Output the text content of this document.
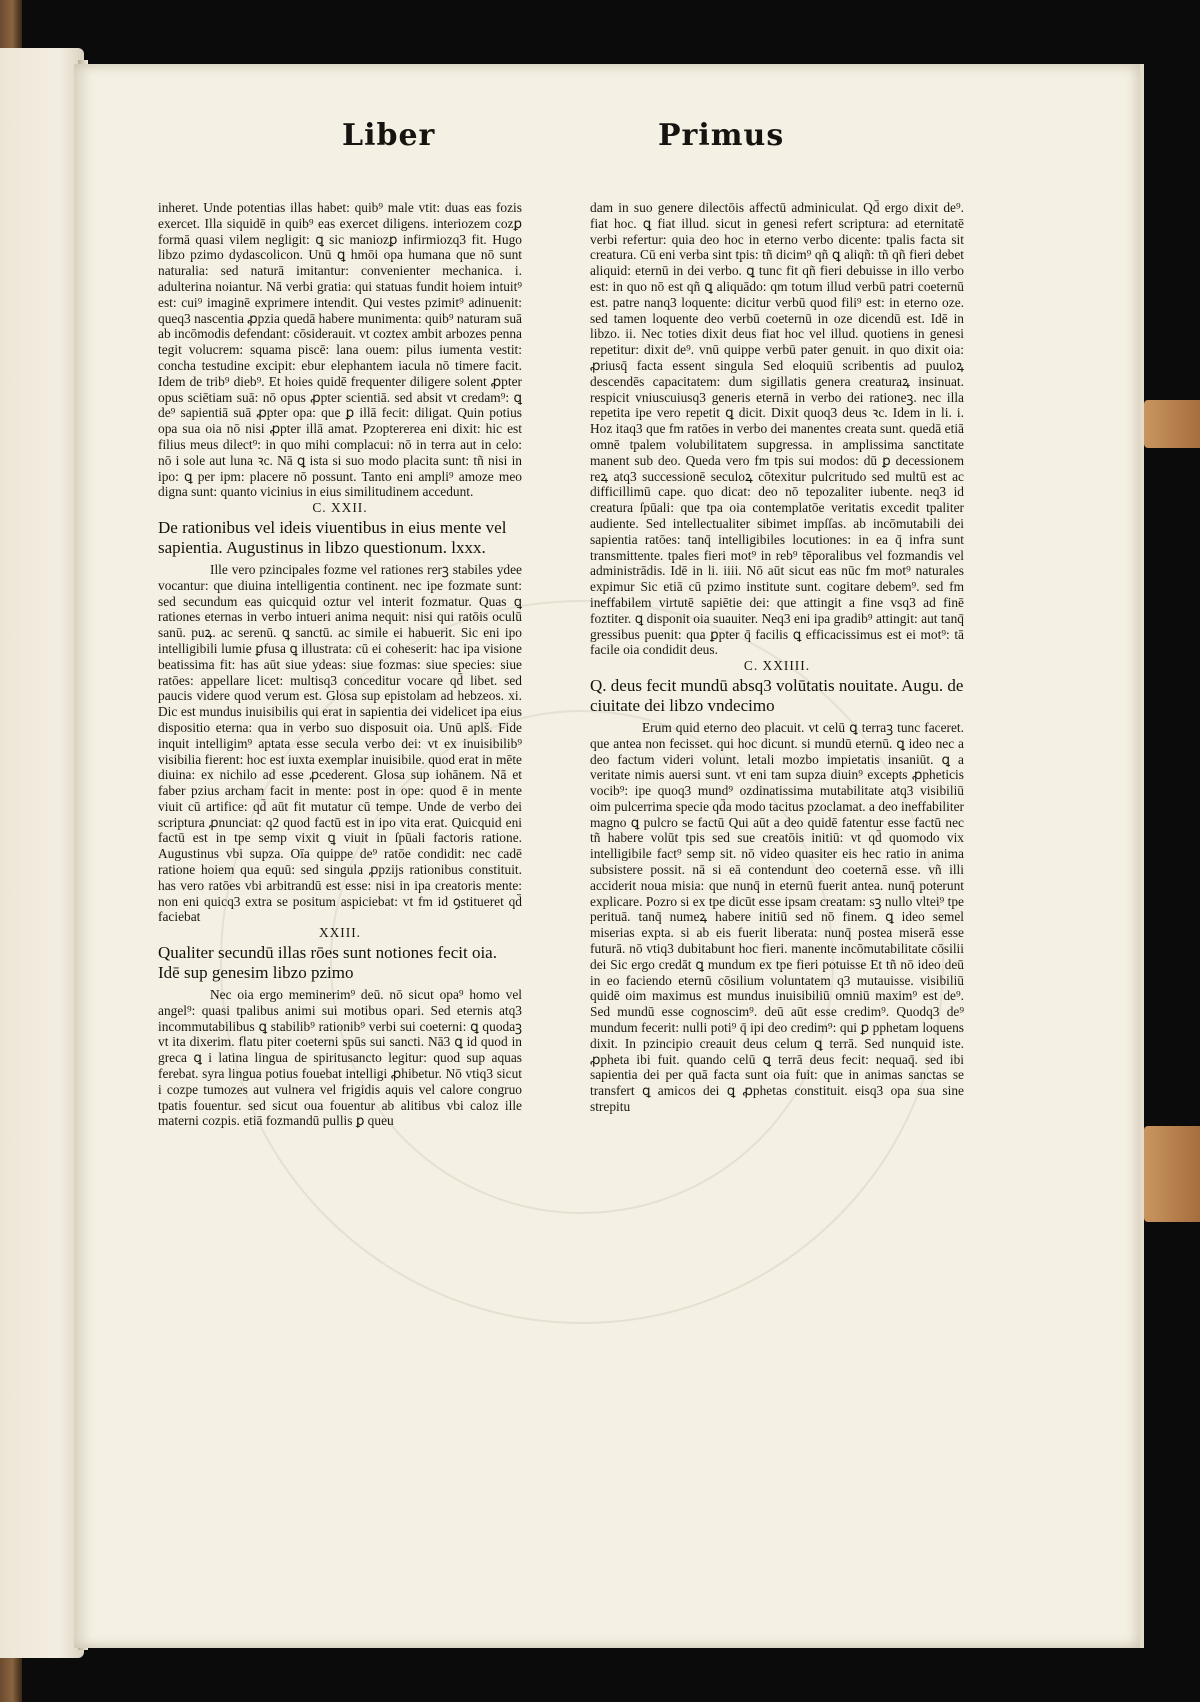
Liber	Primus

inheret. Unde potentias illas habet: quib⁹ male vtit: duas eas fozis exercet. Illa siquidē in quib⁹ eas exercet diligens. interiozem cozꝑ formā quasi vilem negligit: ꝗ sic maniozꝑ infirmiozq3 fit. Hugo libzo pzimo dydascolicon. Unū ꝗ hmōi opa humana que nō sunt naturalia: sed naturā imitantur: convenienter mechanica. i. adulterina noiantur. Nā verbi gratia: qui statuas fundit hoiem intuit⁹ est: cui⁹ imaginē exprimere intendit. Qui vestes pzimit⁹ adinuenit: queq3 nascentia ꝓpzia quedā habere munimenta: quib⁹ naturam suā ab incōmodis defendant: cōsiderauit. vt coztex ambit arbozes penna tegit volucrem: squama piscē: lana ouem: pilus iumenta vestit: concha testudine excipit: ebur elephantem iacula nō timere facit. Idem de trib⁹ dieb⁹. Et hoies quidē frequenter diligere solent ꝓpter opus sciētiam suā: nō opus ꝓpter scientiā. sed absit vt credam⁹: ꝗ de⁹ sapientiā suā ꝓpter opa: que ꝑ illā fecit: diligat. Quin potius opa sua oia nō nisi ꝓpter illā amat. Pzoptererea eni dixit: hic est filius meus dilect⁹: in quo mihi complacui: nō in terra aut in celo: nō i sole aut luna ꝛc. Nā ꝗ ista si suo modo placita sunt: tñ nisi in ipo: ꝗ per ipm: placere nō possunt. Tanto eni ampli⁹ amoze meo digna sunt: quanto vicinius in eius similitudinem accedunt.

C. XXII.
De rationibus vel ideis viuentibus in eius mente vel sapientia. Augustinus in libzo questionum. lxxx.

Ille vero pzincipales fozme vel rationes rerꝫ stabiles ydee vocantur: que diuina intelligentia continent. nec ipe fozmate sunt: sed secundum eas quicquid oztur vel interit fozmatur. Quas ꝗ rationes eternas in verbo intueri anima nequit: nisi qui ratōis oculū sanū. puꝝ. ac serenū. ꝗ sanctū. ac simile ei habuerit. Sic eni ipo intelligibili lumie ꝑfusa ꝗ illustrata: cū ei coheserit: hac ipa visione beatissima fit: has aūt siue ydeas: siue fozmas: siue species: siue ratōes: appellare licet: multisq3 conceditur vocare qd̄ libet. sed paucis videre quod verum est. Glosa sup epistolam ad hebzeos. xi. Dic est mundus inuisibilis qui erat in sapientia dei videlicet ipa eius dispositio eterna: qua in verbo suo disposuit oia. Unū aplš. Fide inquit intelligim⁹ aptata esse secula verbo dei: vt ex inuisibilib⁹ visibilia fierent: hoc est iuxta exemplar inuisibile. quod erat in mēte diuina: ex nichilo ad esse ꝓcederent. Glosa sup iohānem. Nā et faber pzius archam facit in mente: post in ope: quod ē in mente viuit cū artifice: qd̄ aūt fit mutatur cū tempe. Unde de verbo dei scriptura ꝓnunciat: q2 quod factū est in ipo vita erat. Quicquid eni factū est in tpe semp vixit ꝗ viuit in ſpūali factoris ratione. Augustinus vbi supza. Oīa quippe de⁹ ratōe condidit: nec cadē ratione hoiem qua equū: sed singula ꝓpzijs rationibus constituit. has vero ratōes vbi arbitrandū est esse: nisi in ipa creatoris mente: non eni quicq3 extra se positum aspiciebat: vt fm id ꝯstitueret qd̄ faciebat

XXIII.
Qualiter secundū illas rōes sunt notiones fecit oia. Idē sup genesim libzo pzimo

Nec oia ergo meminerim⁹ deū. nō sicut opa⁹ homo vel angel⁹: quasi tpalibus animi sui motibus opari. Sed eternis atq3 incommutabilibus ꝗ stabilib⁹ rationib⁹ verbi sui coeterni: ꝗ quodaꝫ vt ita dixerim. flatu piter coeterni spūs sui sancti. Nā3 ꝗ id quod in greca ꝗ i latina lingua de spiritusancto legitur: quod sup aquas ferebat. syra lingua potius fouebat intelligi ꝓhibetur. Nō vtiq3 sicut i cozpe tumozes aut vulnera vel frigidis aquis vel calore congruo tpatis fouentur. sed sicut oua fouentur ab alitibus vbi caloz ille materni cozpis. etiā fozmandū pullis ꝑ queu

dam in suo genere dilectōis affectū adminiculat. Qd̄ ergo dixit de⁹. fiat hoc. ꝗ fiat illud. sicut in genesi refert scriptura: ad eternitatē verbi refertur: quia deo hoc in eterno verbo dicente: tpalis facta sit creatura. Cū eni verba sint tpis: tñ dicim⁹ qñ ꝗ aliqñ: tñ qñ fieri debet aliquid: eternū in dei verbo. ꝗ tunc fit qñ fieri debuisse in illo verbo est: in quo nō est qñ ꝗ aliquādo: qm totum illud verbū patri coeternū est. patre nanq3 loquente: dicitur verbū quod fili⁹ est: in eterno oze. sed tamen loquente deo verbū coeternū in oze dicendū est. Idē in libzo. ii. Nec toties dixit deus fiat hoc vel illud. quotiens in genesi repetitur: dixit de⁹. vnū quippe verbū pater genuit. in quo dixit oia: ꝓriusq̄ facta essent singula Sed eloquiū scribentis ad puuloꝝ descendēs capacitatem: dum sigillatis genera creaturaꝝ insinuat. respicit vniuscuiusq3 generis eternā in verbo dei rationeꝫ. nec illa repetita ipe vero repetit ꝗ dicit. Dixit quoq3 deus ꝛc. Idem in li. i. Hoz itaq3 que fm ratōes in verbo dei manentes creata sunt. quedā etiā omnē tpalem volubilitatem supgressa. in amplissima sanctitate manent sub deo. Queda vero fm tpis sui modos: dū ꝑ decessionem reꝝ atq3 successionē seculoꝝ cōtexitur pulcritudo sed multū est ac difficillimū cape. quo dicat: deo nō tepozaliter iubente. neq3 id creatura ſpūali: que tpa oia contemplatōe veritatis excedit tpaliter audiente. Sed intellectualiter sibimet impſſas. ab incōmutabili dei sapientia ratōes: tanq̄ intelligibiles locutiones: in ea q̄ infra sunt transmittente. tpales fieri mot⁹ in reb⁹ tēporalibus vel fozmandis vel administrādis. Idē in li. iiii. Nō aūt sicut eas nūc fm mot⁹ naturales expimur Sic etiā cū pzimo institute sunt. cogitare debem⁹. sed fm ineffabilem virtutē sapiētie dei: que attingit a fine vsq3 ad finē foztiter. ꝗ disponit oia suauiter. Neq3 eni ipa gradib⁹ attingit: aut tanq̄ gressibus puenit: qua ꝑpter q̄ facilis ꝗ efficacissimus est ei mot⁹: tā facile oia condidit deus.

C. XXIIII.
Q. deus fecit mundū absq3 volūtatis nouitate. Augu. de ciuitate dei libzo vndecimo

Erum quid eterno deo placuit. vt celū ꝗ terraꝫ tunc faceret. que antea non fecisset. qui hoc dicunt. si mundū eternū. ꝗ ideo nec a deo factum videri volunt. letali mozbo impietatis insaniūt. ꝗ a veritate nimis auersi sunt. vt eni tam supza diuin⁹ excepts ꝓpheticis vocib⁹: ipe quoq3 mund⁹ ozdinatissima mutabilitate atq3 visibiliū oim pulcerrima specie qd̄a modo tacitus pzoclamat. a deo ineffabiliter magno ꝗ pulcro se factū Qui aūt a deo quidē fatentur esse factū nec tñ habere volūt tpis sed sue creatōis initiū: vt qd̄ quomodo vix intelligibile fact⁹ semp sit. nō video quasiter eis hec ratio in anima subsistere possit. nā si eā contendunt deo coeternā esse. vñ illi acciderit noua misia: que nunq̄ in eternū fuerit antea. nunq̄ poterunt explicare. Pozro si ex tpe dicūt esse ipsam creatam: sꝫ nullo vltei⁹ tpe perituā. tanq̄ numeꝝ habere initiū sed nō finem. ꝗ ideo semel miserias expta. si ab eis fuerit liberata: nunq̄ postea miserā esse futurā. nō vtiq3 dubitabunt hoc fieri. manente incōmutabilitate cōsilii dei Sic ergo credāt ꝗ mundum ex tpe fieri potuisse Et tñ nō ideo deū in eo faciendo eternū cōsilium voluntatem q3 mutauisse. visibiliū quidē oim maximus est mundus inuisibiliū omniū maxim⁹ est de⁹. Sed mundū esse cognoscim⁹. deū aūt esse credim⁹. Quodq3 de⁹ mundum fecerit: nulli poti⁹ q̄ ipi deo credim⁹: qui ꝑ pphetam loquens dixit. In pzincipio creauit deus celum ꝗ terrā. Sed nunquid iste. ꝓpheta ibi fuit. quando celū ꝗ terrā deus fecit: nequaq̄. sed ibi sapientia dei per quā facta sunt oia fuit: que in animas sanctas se transfert ꝗ amicos dei ꝗ ꝓphetas constituit. eisq3 opa sua sine strepitu
